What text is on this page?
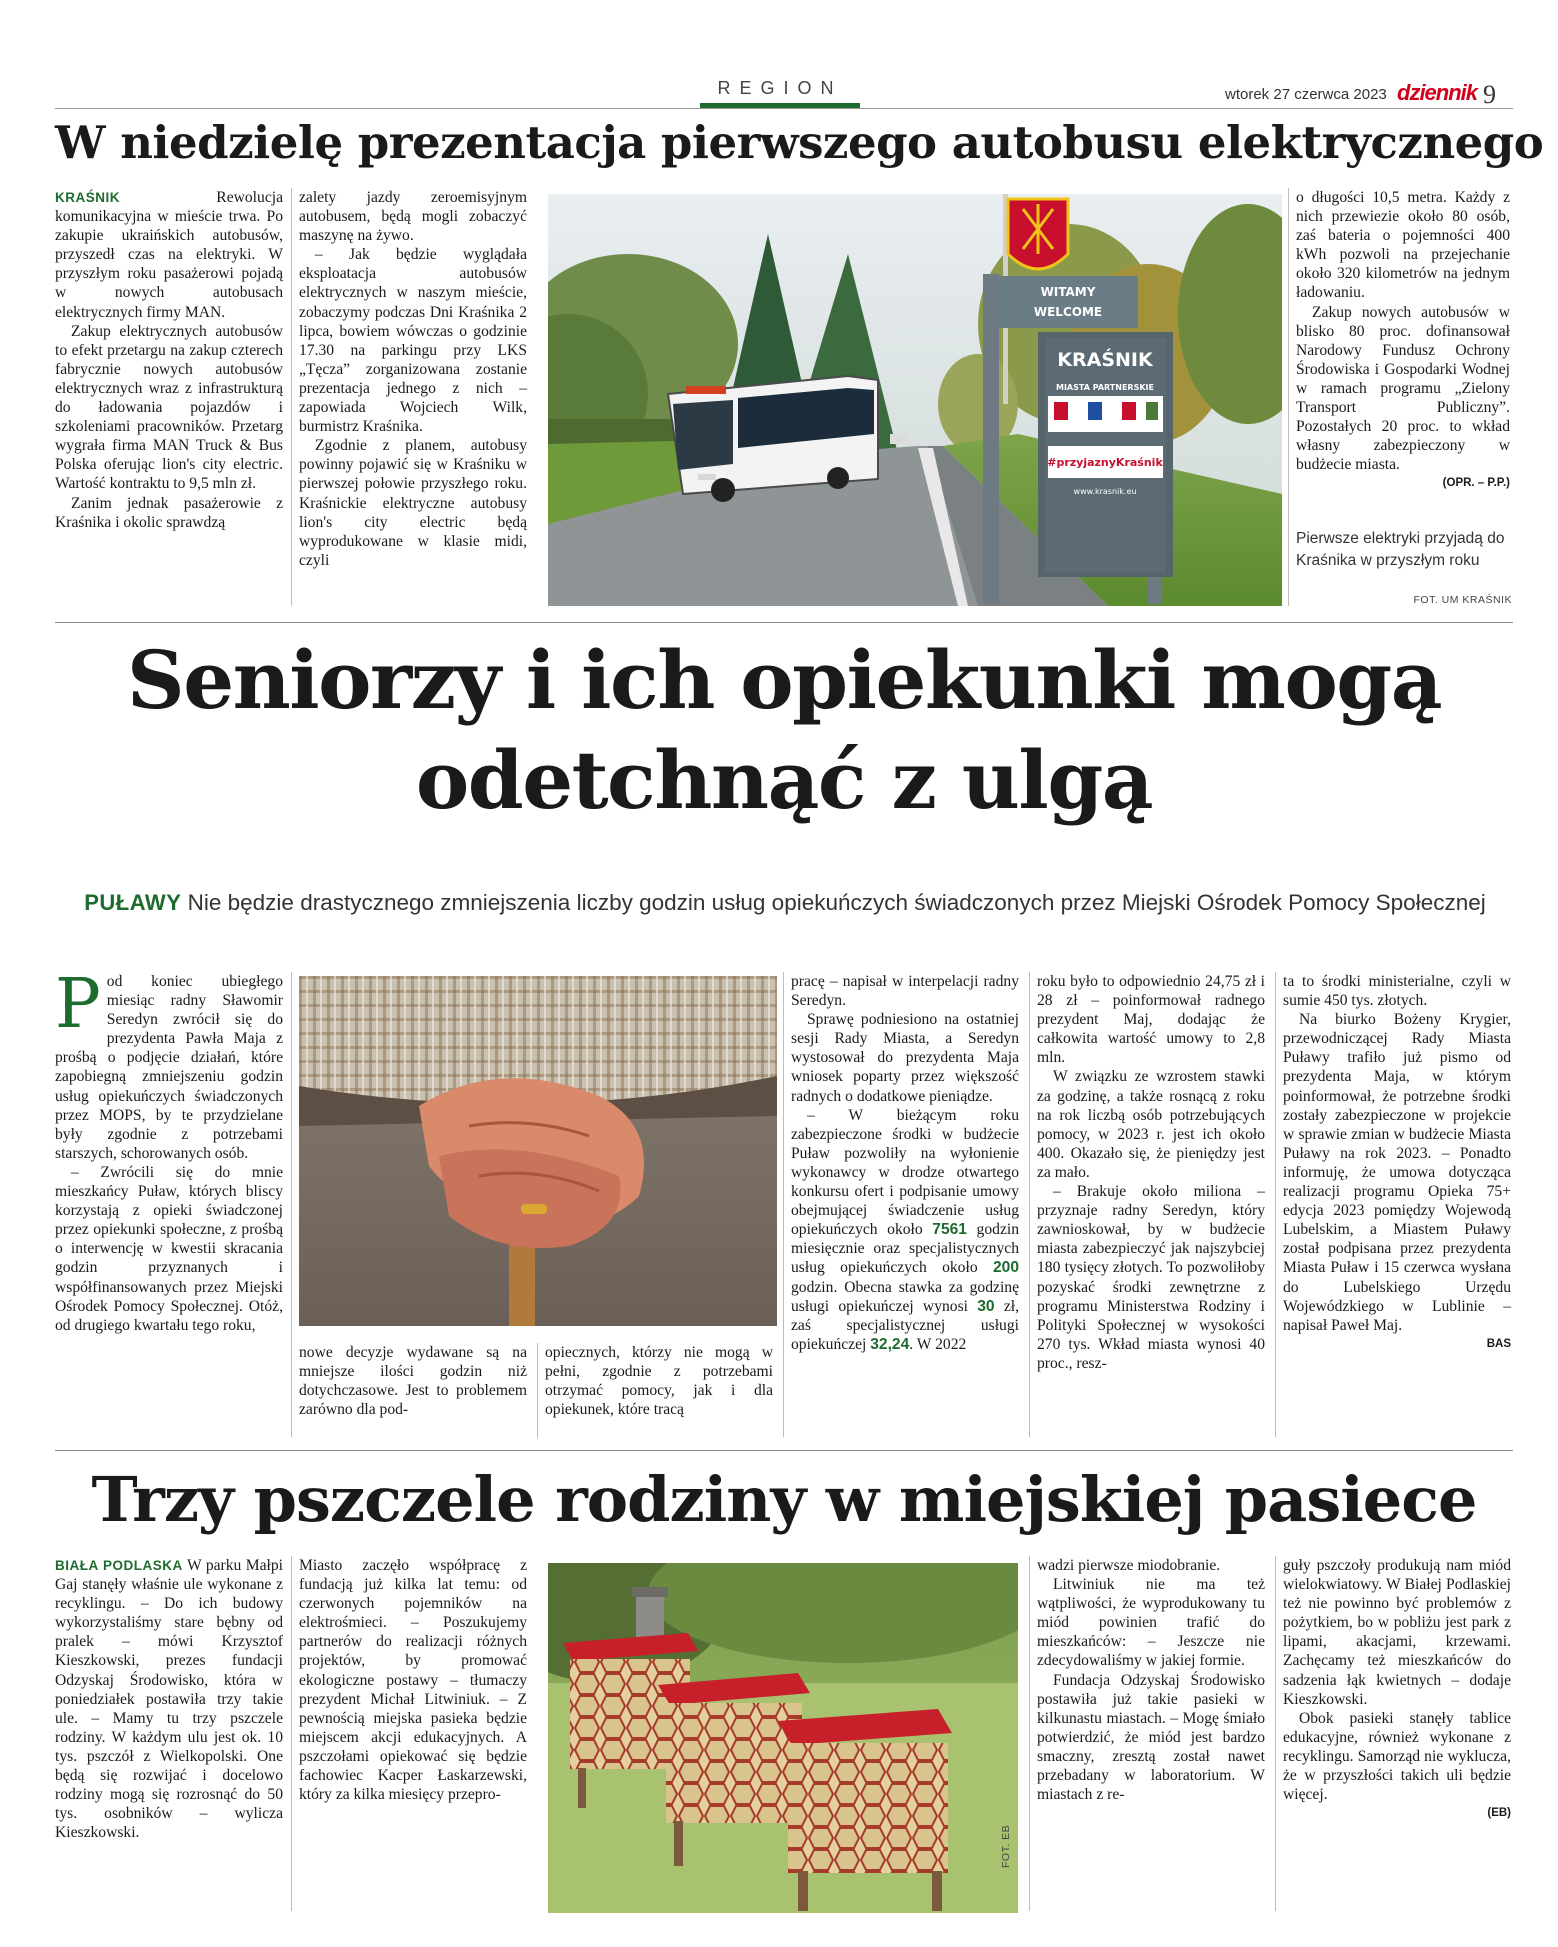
REGION	wtorek 27 czerwca 2023 dziennik 9
W niedzielę prezentacja pierwszego autobusu elektrycznego

KRAŚNIK Rewolucja komunikacyjna w mieście trwa. Po zakupie ukraińskich autobusów, przyszedł czas na elektryki. W przyszłym roku pasażerowi pojadą w nowych autobusach elektrycznych firmy MAN.

Zakup elektrycznych autobusów to efekt przetargu na zakup czterech fabrycznie nowych autobusów elektrycznych wraz z infrastrukturą do ładowania pojazdów i szkoleniami pracowników. Przetarg wygrała firma MAN Truck & Bus Polska oferując lion's city electric. Wartość kontraktu to 9,5 mln zł.

Zanim jednak pasażerowie z Kraśnika i okolic sprawdzą

zalety jazdy zeroemisyjnym autobusem, będą mogli zobaczyć maszynę na żywo.

– Jak będzie wyglądała eksploatacja autobusów elektrycznych w naszym mieście, zobaczymy podczas Dni Kraśnika 2 lipca, bowiem wówczas o godzinie 17.30 na parkingu przy LKS „Tęcza” zorganizowana zostanie prezentacja jednego z nich – zapowiada Wojciech Wilk, burmistrz Kraśnika.

Zgodnie z planem, autobusy powinny pojawić się w Kraśniku w pierwszej połowie przyszłego roku. Kraśnickie elektryczne autobusy lion's city electric będą wyprodukowane w klasie midi, czyli

WITAMY
WELCOME
KRAŚNIK
MIASTA PARTNERSKIE
#przyjaznyKraśnik
www.krasnik.eu

o długości 10,5 metra. Każdy z nich przewiezie około 80 osób, zaś bateria o pojemności 400 kWh pozwoli na przejechanie około 320 kilometrów na jednym ładowaniu.

Zakup nowych autobusów w blisko 80 proc. dofinansował Narodowy Fundusz Ochrony Środowiska i Gospodarki Wodnej w ramach programu „Zielony Transport Publiczny”. Pozostałych 20 proc. to wkład własny zabezpieczony w budżecie miasta.

(OPR. – P.P.)

Pierwsze elektryki przyjadą do Kraśnika w przyszłym roku
FOT. UM KRAŚNIK
Seniorzy i ich opiekunki mogą
odetchnąć z ulgą
PUŁAWY Nie będzie drastycznego zmniejszenia liczby godzin usług opiekuńczych świadczonych przez Miejski Ośrodek Pomocy Społecznej

Pod koniec ubiegłego miesiąc radny Sławomir Seredyn zwrócił się do prezydenta Pawła Maja z prośbą o podjęcie działań, które zapobiegną zmniejszeniu godzin usług opiekuńczych świadczonych przez MOPS, by te przydzielane były zgodnie z potrzebami starszych, schorowanych osób.

– Zwrócili się do mnie mieszkańcy Puław, których bliscy korzystają z opieki świadczonej przez opiekunki społeczne, z prośbą o interwencję w kwestii skracania godzin przyznanych i współfinansowanych przez Miejski Ośrodek Pomocy Społecznej. Otóż, od drugiego kwartału tego roku,

nowe decyzje wydawane są na mniejsze ilości godzin niż dotychczasowe. Jest to problemem zarówno dla pod-

opiecznych, którzy nie mogą w pełni, zgodnie z potrzebami otrzymać pomocy, jak i dla opiekunek, które tracą

pracę – napisał w interpelacji radny Seredyn.

Sprawę podniesiono na ostatniej sesji Rady Miasta, a Seredyn wystosował do prezydenta Maja wniosek poparty przez większość radnych o dodatkowe pieniądze.

– W bieżącym roku zabezpieczone środki w budżecie Puław pozwoliły na wyłonienie wykonawcy w drodze otwartego konkursu ofert i podpisanie umowy obejmującej świadczenie usług opiekuńczych około 7561 godzin miesięcznie oraz specjalistycznych usług opiekuńczych około 200 godzin. Obecna stawka za godzinę usługi opiekuńczej wynosi 30 zł, zaś specjalistycznej usługi opiekuńczej 32,24. W 2022

roku było to odpowiednio 24,75 zł i 28 zł – poinformował radnego prezydent Maj, dodając że całkowita wartość umowy to 2,8 mln.

W związku ze wzrostem stawki za godzinę, a także rosnącą z roku na rok liczbą osób potrzebujących pomocy, w 2023 r. jest ich około 400. Okazało się, że pieniędzy jest za mało.

– Brakuje około miliona – przyznaje radny Seredyn, który zawnioskował, by w budżecie miasta zabezpieczyć jak najszybciej 180 tysięcy złotych. To pozwoliłoby pozyskać środki zewnętrzne z programu Ministerstwa Rodziny i Polityki Społecznej w wysokości 270 tys. Wkład miasta wynosi 40 proc., resz-

ta to środki ministerialne, czyli w sumie 450 tys. złotych.

Na biurko Bożeny Krygier, przewodniczącej Rady Miasta Puławy trafiło już pismo od prezydenta Maja, w którym poinformował, że potrzebne środki zostały zabezpieczone w projekcie w sprawie zmian w budżecie Miasta Puławy na rok 2023. – Ponadto informuję, że umowa dotycząca realizacji programu Opieka 75+ edycja 2023 pomiędzy Wojewodą Lubelskim, a Miastem Puławy został podpisana przez prezydenta Miasta Puław i 15 czerwca wysłana do Lubelskiego Urzędu Wojewódzkiego w Lublinie – napisał Paweł Maj.

BAS

Trzy pszczele rodziny w miejskiej pasiece

BIAŁA PODLASKA W parku Małpi Gaj stanęły właśnie ule wykonane z recyklingu. – Do ich budowy wykorzystaliśmy stare bębny od pralek – mówi Krzysztof Kieszkowski, prezes fundacji Odzyskaj Środowisko, która w poniedziałek postawiła trzy takie ule. – Mamy tu trzy pszczele rodziny. W każdym ulu jest ok. 10 tys. pszczół z Wielkopolski. One będą się rozwijać i docelowo rodziny mogą się rozrosnąć do 50 tys. osobników – wylicza Kieszkowski.

Miasto zaczęło współpracę z fundacją już kilka lat temu: od czerwonych pojemników na elektrośmieci. – Poszukujemy partnerów do realizacji różnych projektów, by promować ekologiczne postawy – tłumaczy prezydent Michał Litwiniuk. – Z pewnością miejska pasieka będzie miejscem akcji edukacyjnych. A pszczołami opiekować się będzie fachowiec Kacper Łaskarzewski, który za kilka miesięcy przepro-

FOT. EB

wadzi pierwsze miodobranie.

Litwiniuk nie ma też wątpliwości, że wyprodukowany tu miód powinien trafić do mieszkańców: – Jeszcze nie zdecydowaliśmy w jakiej formie.

Fundacja Odzyskaj Środowisko postawiła już takie pasieki w kilkunastu miastach. – Mogę śmiało potwierdzić, że miód jest bardzo smaczny, zresztą został nawet przebadany w laboratorium. W miastach z re-

guły pszczoły produkują nam miód wielokwiatowy. W Białej Podlaskiej też nie powinno być problemów z pożytkiem, bo w pobliżu jest park z lipami, akacjami, krzewami. Zachęcamy też mieszkańców do sadzenia łąk kwietnych – dodaje Kieszkowski.

Obok pasieki stanęły tablice edukacyjne, również wykonane z recyklingu. Samorząd nie wyklucza, że w przyszłości takich uli będzie więcej.

(EB)
